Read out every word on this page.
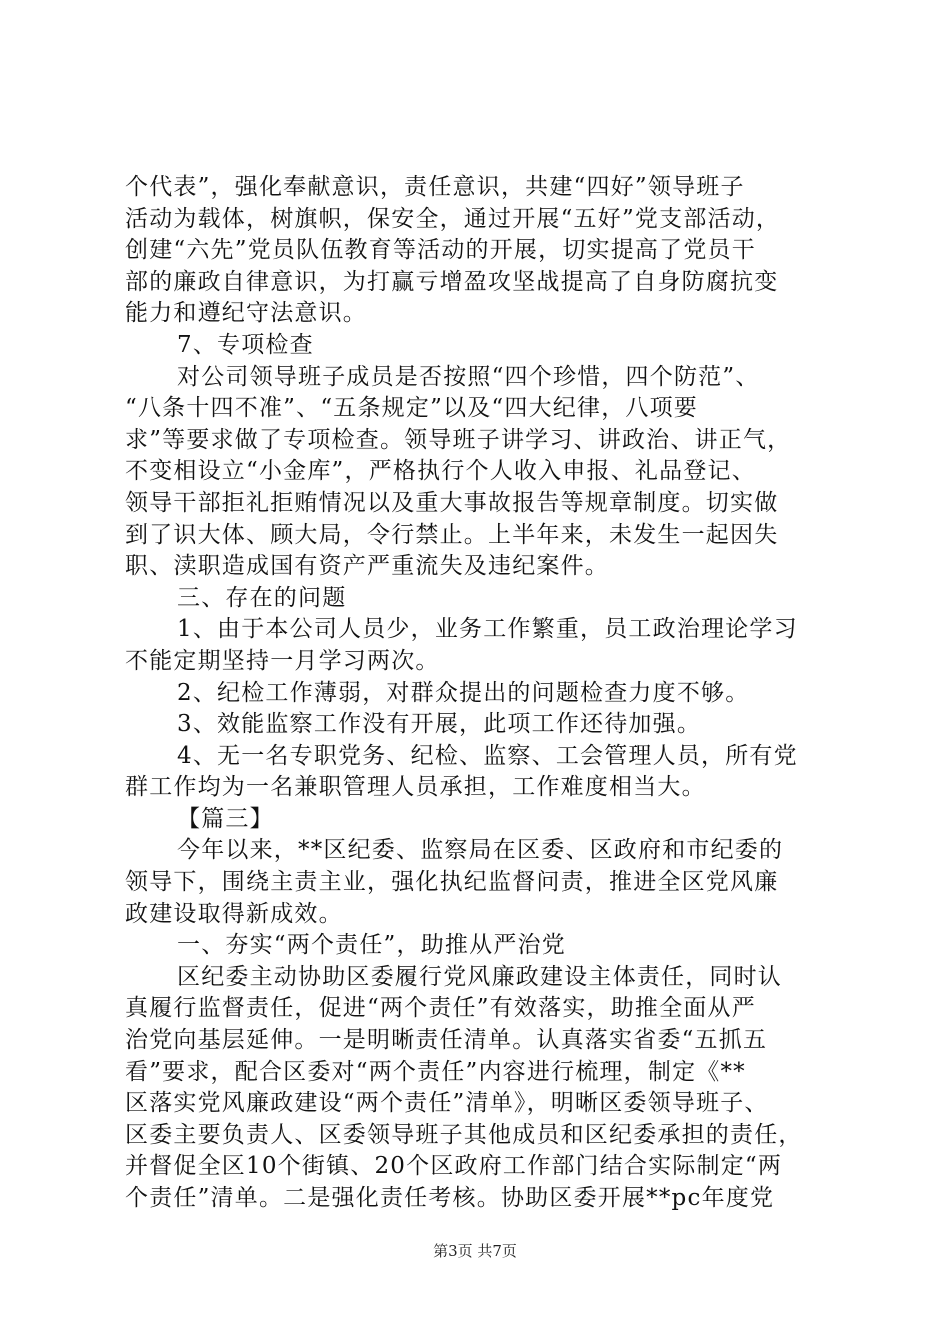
个代表”，强化奉献意识，责任意识，共建“四好”领导班子
活动为载体，树旗帜，保安全，通过开展“五好”党支部活动，
创建“六先”党员队伍教育等活动的开展，切实提高了党员干
部的廉政自律意识，为打赢亏增盈攻坚战提高了自身防腐抗变
能力和遵纪守法意识。
7、专项检查
对公司领导班子成员是否按照“四个珍惜，四个防范”、
“八条十四不准”、“五条规定”以及“四大纪律，八项要
求”等要求做了专项检查。领导班子讲学习、讲政治、讲正气，
不变相设立“小金库”，严格执行个人收入申报、礼品登记、
领导干部拒礼拒贿情况以及重大事故报告等规章制度。切实做
到了识大体、顾大局，令行禁止。上半年来，未发生一起因失
职、渎职造成国有资产严重流失及违纪案件。
三、存在的问题
1、由于本公司人员少，业务工作繁重，员工政治理论学习
不能定期坚持一月学习两次。
2、纪检工作薄弱，对群众提出的问题检查力度不够。
3、效能监察工作没有开展，此项工作还待加强。
4、无一名专职党务、纪检、监察、工会管理人员，所有党
群工作均为一名兼职管理人员承担，工作难度相当大。
【篇三】
今年以来，**区纪委、监察局在区委、区政府和市纪委的
领导下，围绕主责主业，强化执纪监督问责，推进全区党风廉
政建设取得新成效。
一、夯实“两个责任”，助推从严治党
区纪委主动协助区委履行党风廉政建设主体责任，同时认
真履行监督责任，促进“两个责任”有效落实，助推全面从严
治党向基层延伸。一是明晰责任清单。认真落实省委“五抓五
看”要求，配合区委对“两个责任”内容进行梳理，制定《**
区落实党风廉政建设“两个责任”清单》，明晰区委领导班子、
区委主要负责人、区委领导班子其他成员和区纪委承担的责任，
并督促全区10个街镇、20个区政府工作部门结合实际制定“两
个责任”清单。二是强化责任考核。协助区委开展**pc年度党
第3页 共7页
